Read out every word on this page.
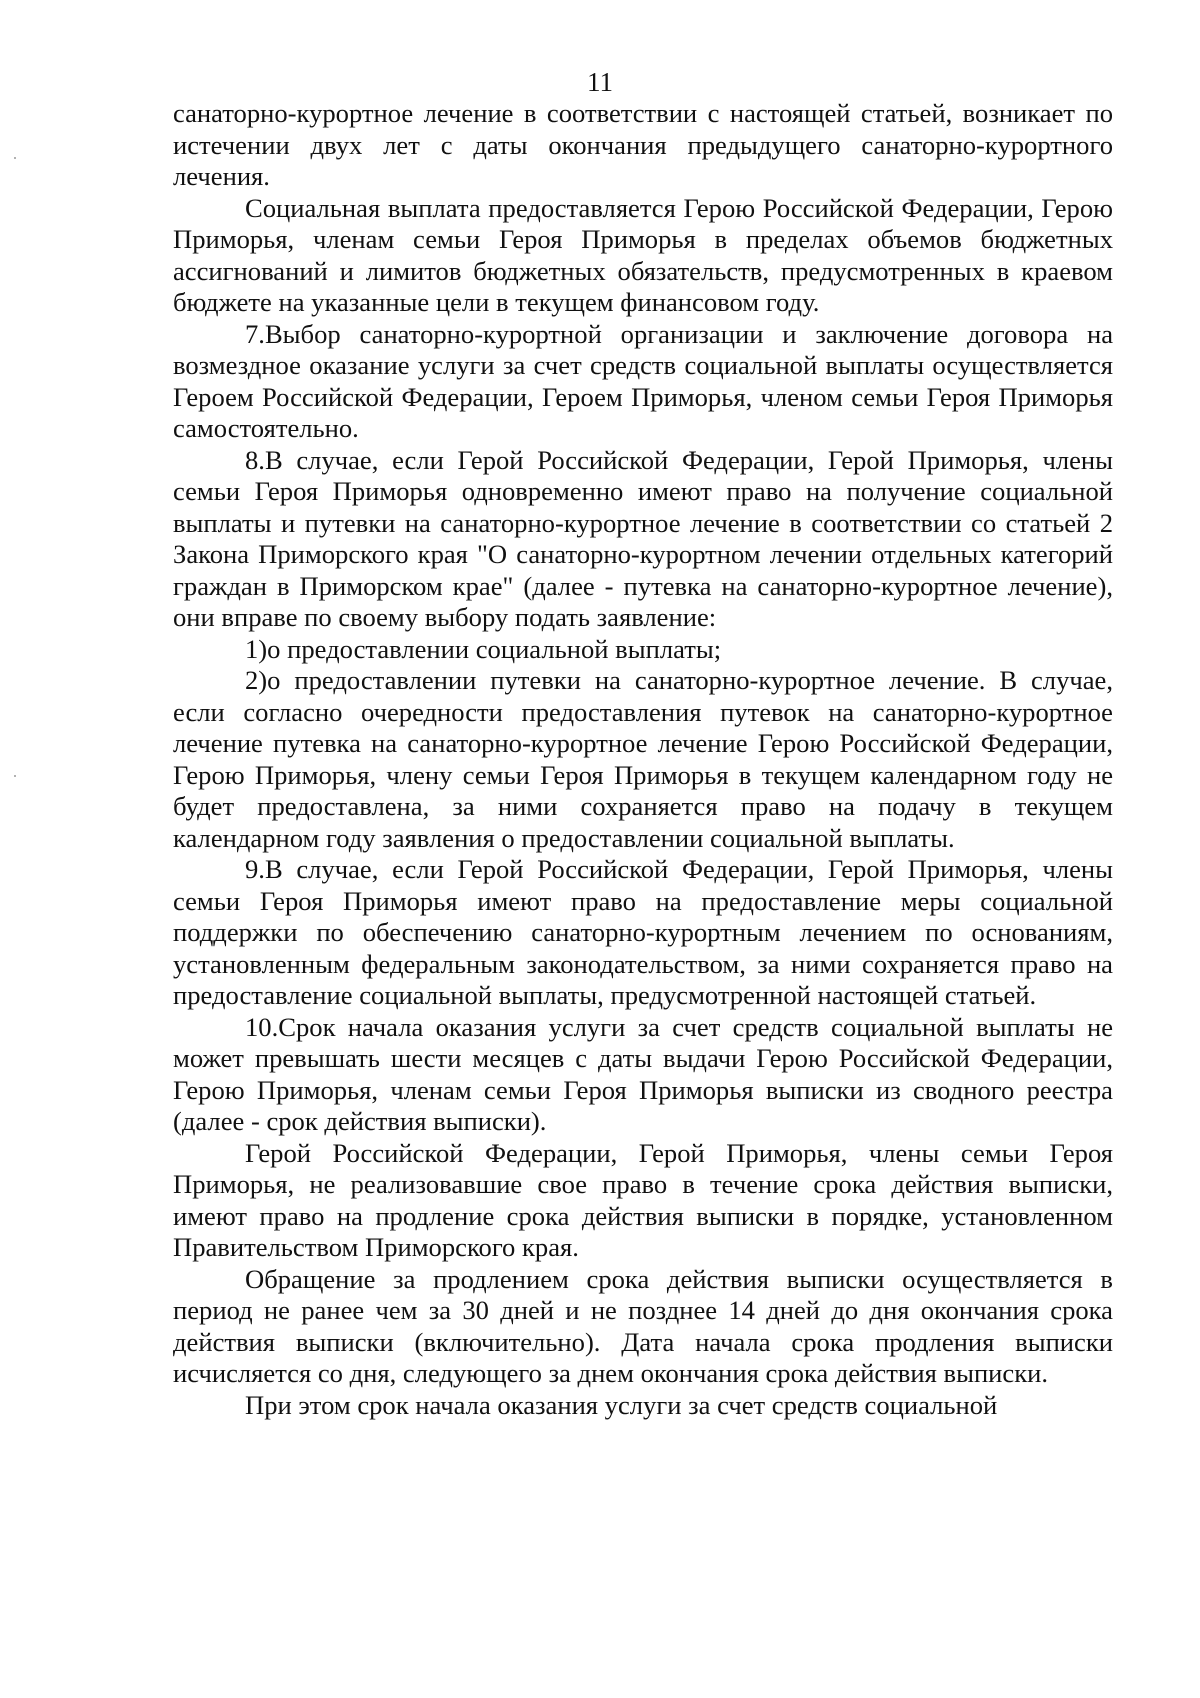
11

санаторно-курортное лечение в соответствии с настоящей статьей, возникает по истечении двух лет с даты окончания предыдущего санаторно-курортного лечения.

Социальная выплата предоставляется Герою Российской Федерации, Герою Приморья, членам семьи Героя Приморья в пределах объемов бюджетных ассигнований и лимитов бюджетных обязательств, предусмотренных в краевом бюджете на указанные цели в текущем финансовом году.

7.Выбор санаторно-курортной организации и заключение договора на возмездное оказание услуги за счет средств социальной выплаты осуществляется Героем Российской Федерации, Героем Приморья, членом семьи Героя Приморья самостоятельно.

8.В случае, если Герой Российской Федерации, Герой Приморья, члены семьи Героя Приморья одновременно имеют право на получение социальной выплаты и путевки на санаторно-курортное лечение в соответствии со статьей 2 Закона Приморского края "О санаторно-курортном лечении отдельных категорий граждан в Приморском крае" (далее - путевка на санаторно-курортное лечение), они вправе по своему выбору подать заявление:

1)о предоставлении социальной выплаты;

2)о предоставлении путевки на санаторно-курортное лечение. В случае, если согласно очередности предоставления путевок на санаторно-курортное лечение путевка на санаторно-курортное лечение Герою Российской Федерации, Герою Приморья, члену семьи Героя Приморья в текущем календарном году не будет предоставлена, за ними сохраняется право на подачу в текущем календарном году заявления о предоставлении социальной выплаты.

9.В случае, если Герой Российской Федерации, Герой Приморья, члены семьи Героя Приморья имеют право на предоставление меры социальной поддержки по обеспечению санаторно-курортным лечением по основаниям, установленным федеральным законодательством, за ними сохраняется право на предоставление социальной выплаты, предусмотренной настоящей статьей.

10.Срок начала оказания услуги за счет средств социальной выплаты не может превышать шести месяцев с даты выдачи Герою Российской Федерации, Герою Приморья, членам семьи Героя Приморья выписки из сводного реестра (далее - срок действия выписки).

Герой Российской Федерации, Герой Приморья, члены семьи Героя Приморья, не реализовавшие свое право в течение срока действия выписки, имеют право на продление срока действия выписки в порядке, установленном Правительством Приморского края.

Обращение за продлением срока действия выписки осуществляется в период не ранее чем за 30 дней и не позднее 14 дней до дня окончания срока действия выписки (включительно). Дата начала срока продления выписки исчисляется со дня, следующего за днем окончания срока действия выписки.

При этом срок начала оказания услуги за счет средств социальной
